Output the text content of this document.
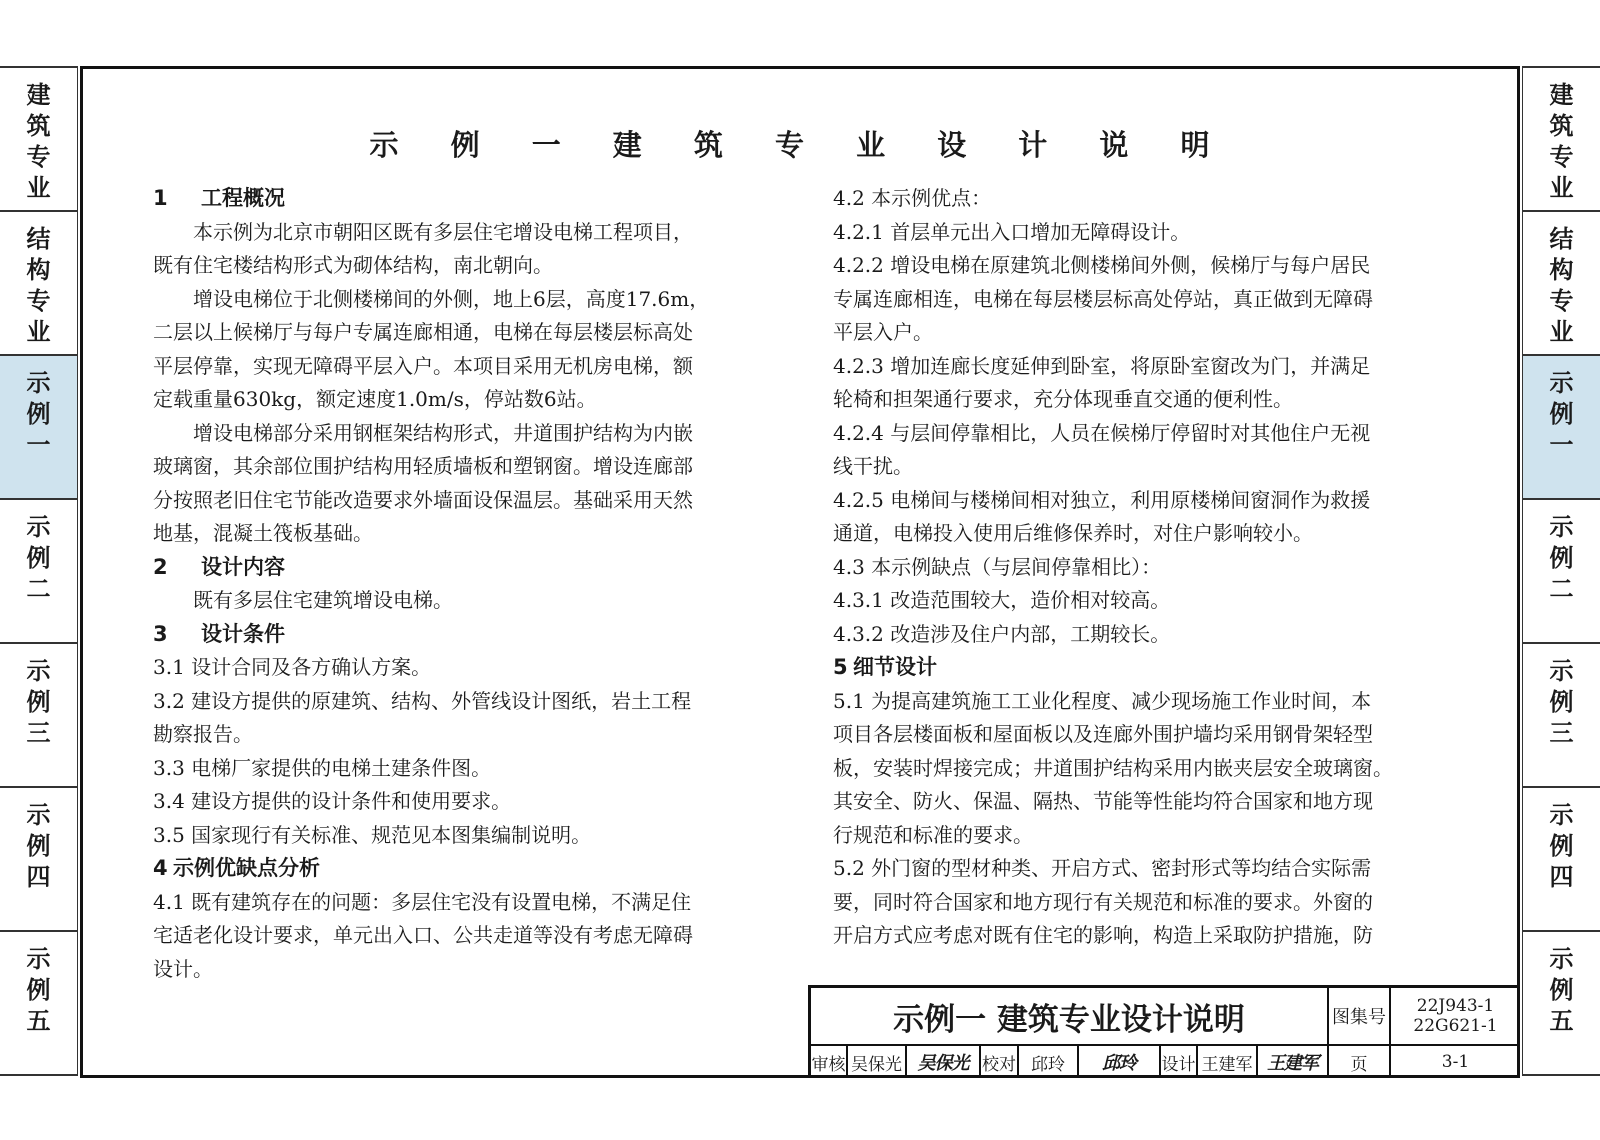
建筑专业
结构专业
示例一
示例二
示例三
示例四
示例五
建筑专业
结构专业
示例一
示例二
示例三
示例四
示例五
示 例 一 建 筑 专 业 设 计 说 明
1 工程概况
本示例为北京市朝阳区既有多层住宅增设电梯工程项目，
既有住宅楼结构形式为砌体结构，南北朝向。
增设电梯位于北侧楼梯间的外侧，地上6层，高度17.6m，
二层以上候梯厅与每户专属连廊相通，电梯在每层楼层标高处
平层停靠，实现无障碍平层入户。本项目采用无机房电梯，额
定载重量630kg，额定速度1.0m/s，停站数6站。
增设电梯部分采用钢框架结构形式，井道围护结构为内嵌
玻璃窗，其余部位围护结构用轻质墙板和塑钢窗。增设连廊部
分按照老旧住宅节能改造要求外墙面设保温层。基础采用天然
地基，混凝土筏板基础。
2 设计内容
既有多层住宅建筑增设电梯。
3 设计条件
3.1 设计合同及各方确认方案。
3.2 建设方提供的原建筑、结构、外管线设计图纸，岩土工程
勘察报告。
3.3 电梯厂家提供的电梯土建条件图。
3.4 建设方提供的设计条件和使用要求。
3.5 国家现行有关标准、规范见本图集编制说明。
4 示例优缺点分析
4.1 既有建筑存在的问题：多层住宅没有设置电梯，不满足住
宅适老化设计要求，单元出入口、公共走道等没有考虑无障碍
设计。
4.2 本示例优点：
4.2.1 首层单元出入口增加无障碍设计。
4.2.2 增设电梯在原建筑北侧楼梯间外侧，候梯厅与每户居民
专属连廊相连，电梯在每层楼层标高处停站，真正做到无障碍
平层入户。
4.2.3 增加连廊长度延伸到卧室，将原卧室窗改为门，并满足
轮椅和担架通行要求，充分体现垂直交通的便利性。
4.2.4 与层间停靠相比，人员在候梯厅停留时对其他住户无视
线干扰。
4.2.5 电梯间与楼梯间相对独立，利用原楼梯间窗洞作为救援
通道，电梯投入使用后维修保养时，对住户影响较小。
4.3 本示例缺点（与层间停靠相比）：
4.3.1 改造范围较大，造价相对较高。
4.3.2 改造涉及住户内部，工期较长。
5 细节设计
5.1 为提高建筑施工工业化程度、减少现场施工作业时间，本
项目各层楼面板和屋面板以及连廊外围护墙均采用钢骨架轻型
板，安装时焊接完成；井道围护结构采用内嵌夹层安全玻璃窗。
其安全、防火、保温、隔热、节能等性能均符合国家和地方现
行规范和标准的要求。
5.2 外门窗的型材种类、开启方式、密封形式等均结合实际需
要，同时符合国家和地方现行有关规范和标准的要求。外窗的
开启方式应考虑对既有住宅的影响，构造上采取防护措施，防
示例一 建筑专业设计说明	图集号
22J943-1
22G621-1
审核 吴保光 吴保光 校对 邱玲	邱玲	设计 王建军 王建军	页	3-1
